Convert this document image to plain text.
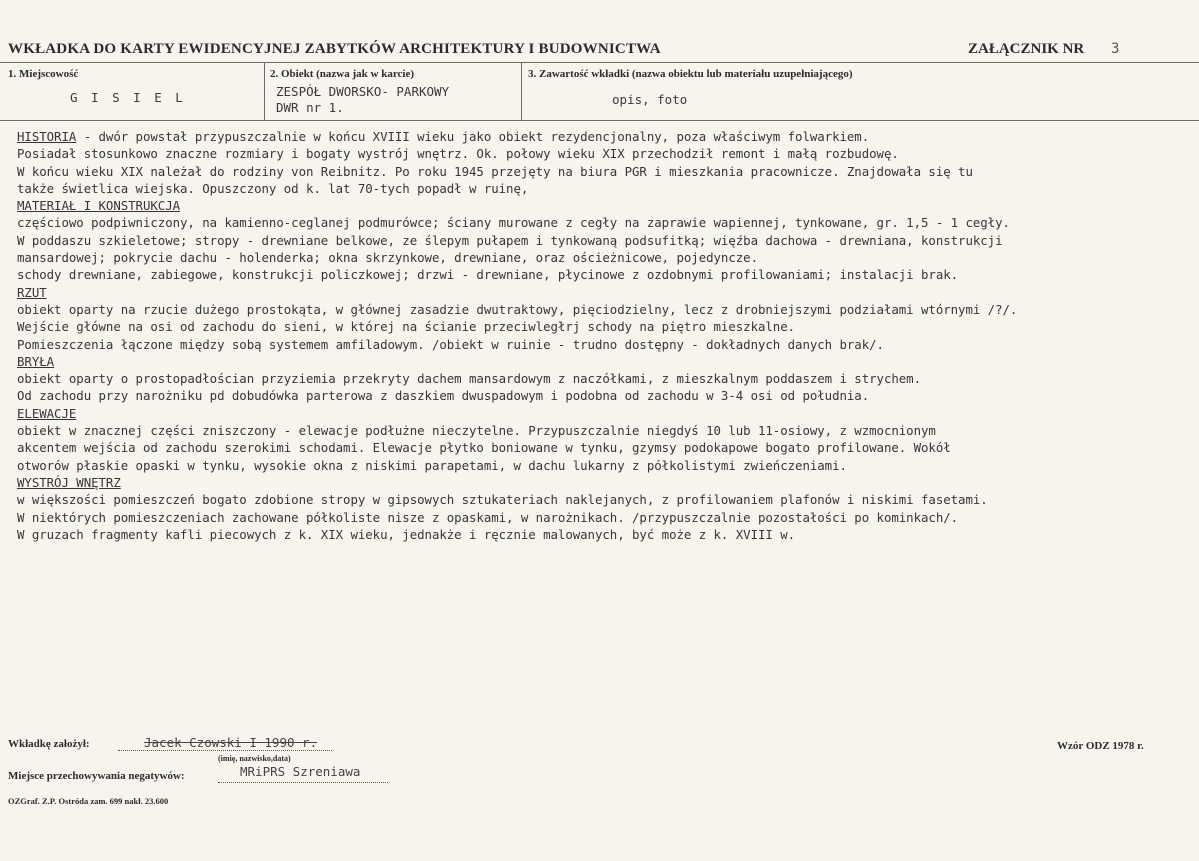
WKŁADKA DO KARTY EWIDENCYJNEJ ZABYTKÓW ARCHITEKTURY I BUDOWNICTWA	ZAŁĄCZNIK NR 3
1. Miejscowość
G I S I E L
2. Obiekt (nazwa jak w karcie)
ZESPÓŁ DWORSKO- PARKOWY
DWR nr 1.
3. Zawartość wkładki (nazwa obiektu lub materiału uzupełniającego)
opis, foto
HISTORIA - dwór powstał przypuszczalnie w końcu XVIII wieku jako obiekt rezydencjonalny, poza właściwym folwarkiem.
Posiadał stosunkowo znaczne rozmiary i bogaty wystrój wnętrz. Ok. połowy wieku XIX przechodził remont i małą rozbudowę.
W końcu wieku XIX należał do rodziny von Reibnitz. Po roku 1945 przejęty na biura PGR i mieszkania pracownicze. Znajdowała się tu
także świetlica wiejska. Opuszczony od k. lat 70-tych popadł w ruinę,
MATERIAŁ I KONSTRUKCJA
częściowo podpiwniczony, na kamienno-ceglanej podmurówce; ściany murowane z cegły na zaprawie wapiennej, tynkowane, gr. 1,5 - 1 cegły.
W poddaszu szkieletowe; stropy - drewniane belkowe, ze ślepym pułapem i tynkowaną podsufitką; więźba dachowa - drewniana, konstrukcji
mansardowej; pokrycie dachu - holenderka; okna skrzynkowe, drewniane, oraz ościeżnicowe, pojedyncze.
schody drewniane, zabiegowe, konstrukcji policzkowej; drzwi - drewniane, płycinowe z ozdobnymi profilowaniami; instalacji brak.
RZUT
obiekt oparty na rzucie dużego prostokąta, w głównej zasadzie dwutraktowy, pięciodzielny, lecz z drobniejszymi podziałami wtórnymi /?/.
Wejście główne na osi od zachodu do sieni, w której na ścianie przeciwległrj schody na piętro mieszkalne.
Pomieszczenia łączone między sobą systemem amfiladowym. /obiekt w ruinie - trudno dostępny - dokładnych danych brak/.
BRYŁA
obiekt oparty o prostopadłościan przyziemia przekryty dachem mansardowym z naczółkami, z mieszkalnym poddaszem i strychem.
Od zachodu przy narożniku pd dobudówka parterowa z daszkiem dwuspadowym i podobna od zachodu w 3-4 osi od południa.
ELEWACJE
obiekt w znacznej części zniszczony - elewacje podłużne nieczytelne. Przypuszczalnie niegdyś 10 lub 11-osiowy, z wzmocnionym
akcentem wejścia od zachodu szerokimi schodami. Elewacje płytko boniowane w tynku, gzymsy podokapowe bogato profilowane. Wokół
otworów płaskie opaski w tynku, wysokie okna z niskimi parapetami, w dachu lukarny z półkolistymi zwieńczeniami.
WYSTRÓJ WNĘTRZ
w większości pomieszczeń bogato zdobione stropy w gipsowych sztukateriach naklejanych, z profilowaniem plafonów i niskimi fasetami.
W niektórych pomieszczeniach zachowane półkoliste nisze z opaskami, w narożnikach. /przypuszczalnie pozostałości po kominkach/.
W gruzach fragmenty kafli piecowych z k. XIX wieku, jednakże i ręcznie malowanych, być może z k. XVIII w.
Wkładkę założył:	Jacek Czowski I 1990 r.
(imię, nazwisko,data)
Wzór ODZ 1978 r.
Miejsce przechowywania negatywów:	MRiPRS Szreniawa
OZGraf. Z.P. Ostróda zam. 699 nakł. 23.600
